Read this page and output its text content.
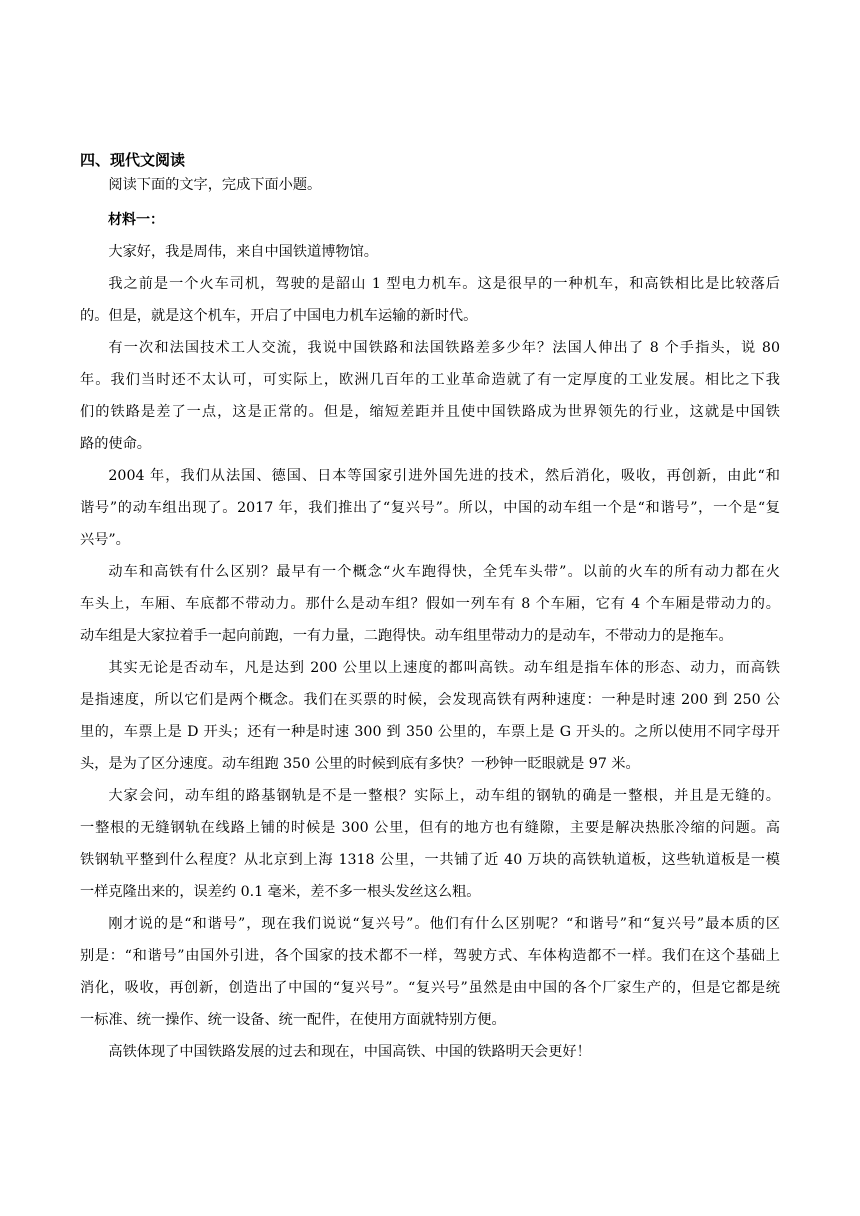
四、现代文阅读

阅读下面的文字，完成下面小题。

材料一：

大家好，我是周伟，来自中国铁道博物馆。
我之前是一个火车司机，驾驶的是韶山 1 型电力机车。这是很早的一种机车，和高铁相比是比较落后
的。但是，就是这个机车，开启了中国电力机车运输的新时代。
有一次和法国技术工人交流，我说中国铁路和法国铁路差多少年？法国人伸出了 8 个手指头，说 80
年。我们当时还不太认可，可实际上，欧洲几百年的工业革命造就了有一定厚度的工业发展。相比之下我
们的铁路是差了一点，这是正常的。但是，缩短差距并且使中国铁路成为世界领先的行业，这就是中国铁
路的使命。
2004 年，我们从法国、德国、日本等国家引进外国先进的技术，然后消化，吸收，再创新，由此“和
谐号”的动车组出现了。2017 年，我们推出了“复兴号”。所以，中国的动车组一个是“和谐号”，一个是“复
兴号”。
动车和高铁有什么区别？最早有一个概念“火车跑得快，全凭车头带”。以前的火车的所有动力都在火
车头上，车厢、车底都不带动力。那什么是动车组？假如一列车有 8 个车厢，它有 4 个车厢是带动力的。
动车组是大家拉着手一起向前跑，一有力量，二跑得快。动车组里带动力的是动车，不带动力的是拖车。
其实无论是否动车，凡是达到 200 公里以上速度的都叫高铁。动车组是指车体的形态、动力，而高铁
是指速度，所以它们是两个概念。我们在买票的时候，会发现高铁有两种速度：一种是时速 200 到 250 公
里的，车票上是 D 开头；还有一种是时速 300 到 350 公里的，车票上是 G 开头的。之所以使用不同字母开
头，是为了区分速度。动车组跑 350 公里的时候到底有多快？一秒钟一眨眼就是 97 米。
大家会问，动车组的路基钢轨是不是一整根？实际上，动车组的钢轨的确是一整根，并且是无缝的。
一整根的无缝钢轨在线路上铺的时候是 300 公里，但有的地方也有缝隙，主要是解决热胀冷缩的问题。高
铁钢轨平整到什么程度？从北京到上海 1318 公里，一共铺了近 40 万块的高铁轨道板，这些轨道板是一模
一样克隆出来的，误差约 0.1 毫米，差不多一根头发丝这么粗。
刚才说的是“和谐号”，现在我们说说“复兴号”。他们有什么区别呢？“和谐号”和“复兴号”最本质的区
别是：“和谐号”由国外引进，各个国家的技术都不一样，驾驶方式、车体构造都不一样。我们在这个基础上
消化，吸收，再创新，创造出了中国的“复兴号”。“复兴号”虽然是由中国的各个厂家生产的，但是它都是统
一标准、统一操作、统一设备、统一配件，在使用方面就特别方便。
高铁体现了中国铁路发展的过去和现在，中国高铁、中国的铁路明天会更好！
